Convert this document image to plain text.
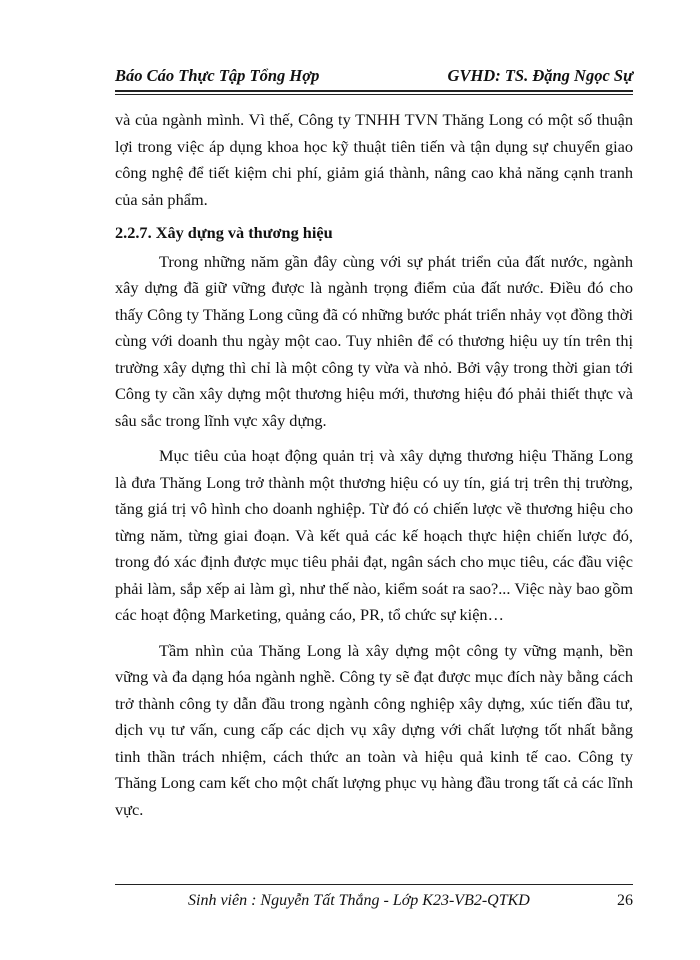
Báo Cáo Thực Tập Tổng Hợp	GVHD: TS. Đặng Ngọc Sự

và của ngành mình. Vì thế, Công ty TNHH TVN Thăng Long có một số thuận lợi trong việc áp dụng khoa học kỹ thuật tiên tiến và tận dụng sự chuyển giao công nghệ để tiết kiệm chi phí, giảm giá thành, nâng cao khả năng cạnh tranh của sản phẩm.

2.2.7. Xây dựng và thương hiệu

Trong những năm gần đây cùng với sự phát triển của đất nước, ngành xây dựng đã giữ vững được là ngành trọng điểm của đất nước. Điều đó cho thấy Công ty Thăng Long cũng đã có những bước phát triển nhảy vọt đồng thời cùng với doanh thu ngày một cao. Tuy nhiên để có thương hiệu uy tín trên thị trường xây dựng thì chỉ là một công ty vừa và nhỏ. Bởi vậy trong thời gian tới Công ty cần xây dựng một thương hiệu mới, thương hiệu đó phải thiết thực và sâu sắc trong lĩnh vực xây dựng.

Mục tiêu của hoạt động quản trị và xây dựng thương hiệu Thăng Long là đưa Thăng Long trở thành một thương hiệu có uy tín, giá trị trên thị trường, tăng giá trị vô hình cho doanh nghiệp. Từ đó có chiến lược về thương hiệu cho từng năm, từng giai đoạn. Và kết quả các kế hoạch thực hiện chiến lược đó, trong đó xác định được mục tiêu phải đạt, ngân sách cho mục tiêu, các đầu việc phải làm, sắp xếp ai làm gì, như thế nào, kiểm soát ra sao?... Việc này bao gồm các hoạt động Marketing, quảng cáo, PR, tổ chức sự kiện…

Tầm nhìn của Thăng Long là xây dựng một công ty vững mạnh, bền vững và đa dạng hóa ngành nghề. Công ty sẽ đạt được mục đích này bằng cách trở thành công ty dẫn đầu trong ngành công nghiệp xây dựng, xúc tiến đầu tư, dịch vụ tư vấn, cung cấp các dịch vụ xây dựng với chất lượng tốt nhất bằng tinh thần trách nhiệm, cách thức an toàn và hiệu quả kinh tế cao. Công ty Thăng Long cam kết cho một chất lượng phục vụ hàng đầu trong tất cả các lĩnh vực.

Sinh viên : Nguyễn Tất Thắng - Lớp K23-VB2-QTKD	26
